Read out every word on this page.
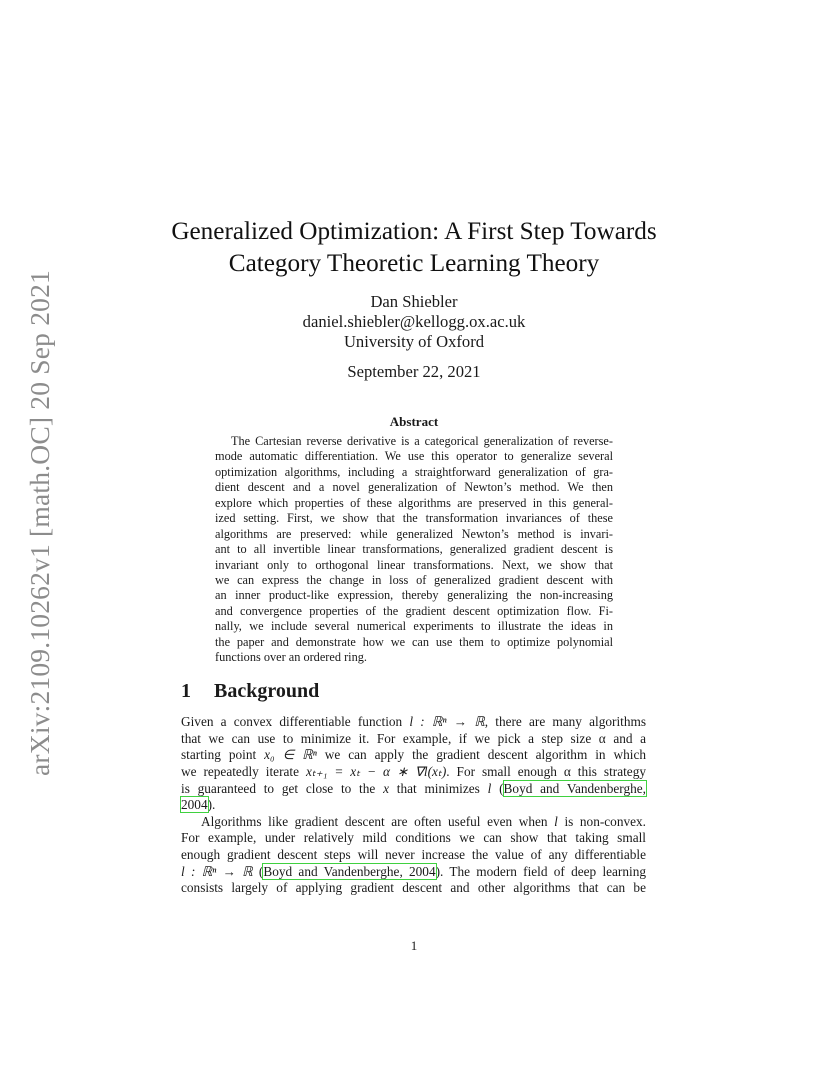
arXiv:2109.10262v1 [math.OC] 20 Sep 2021
Generalized Optimization: A First Step Towards
Category Theoretic Learning Theory
Dan Shiebler
daniel.shiebler@kellogg.ox.ac.uk
University of Oxford
September 22, 2021
Abstract
The Cartesian reverse derivative is a categorical generalization of reverse-
mode automatic differentiation. We use this operator to generalize several
optimization algorithms, including a straightforward generalization of gra-
dient descent and a novel generalization of Newton’s method. We then
explore which properties of these algorithms are preserved in this general-
ized setting. First, we show that the transformation invariances of these
algorithms are preserved: while generalized Newton’s method is invari-
ant to all invertible linear transformations, generalized gradient descent is
invariant only to orthogonal linear transformations. Next, we show that
we can express the change in loss of generalized gradient descent with
an inner product-like expression, thereby generalizing the non-increasing
and convergence properties of the gradient descent optimization flow. Fi-
nally, we include several numerical experiments to illustrate the ideas in
the paper and demonstrate how we can use them to optimize polynomial
functions over an ordered ring.
1 Background
Given a convex differentiable function l : ℝⁿ → ℝ, there are many algorithms
that we can use to minimize it. For example, if we pick a step size α and a
starting point x₀ ∈ ℝⁿ we can apply the gradient descent algorithm in which
we repeatedly iterate xₜ₊₁ = xₜ − α ∗ ∇l(xₜ). For small enough α this strategy
is guaranteed to get close to the x that minimizes l (Boyd and Vandenberghe,
2004).
Algorithms like gradient descent are often useful even when l is non-convex.
For example, under relatively mild conditions we can show that taking small
enough gradient descent steps will never increase the value of any differentiable
l : ℝⁿ → ℝ (Boyd and Vandenberghe, 2004). The modern field of deep learning
consists largely of applying gradient descent and other algorithms that can be
1
